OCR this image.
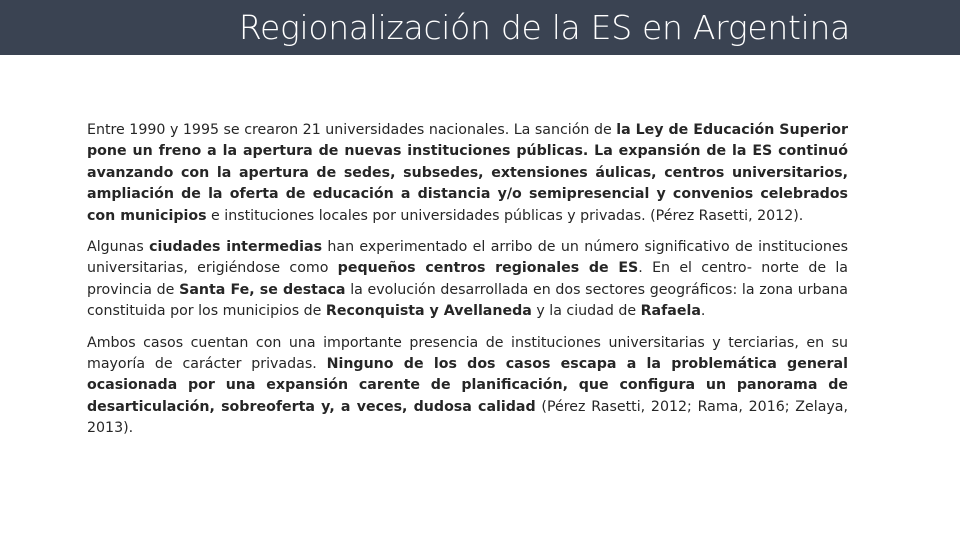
Regionalización de la ES en Argentina

Entre 1990 y 1995 se crearon 21 universidades nacionales. La sanción de la Ley de Educación Superior pone un freno a la apertura de nuevas instituciones públicas. La expansión de la ES continuó avanzando con la apertura de sedes, subsedes, extensiones áulicas, centros universitarios, ampliación de la oferta de educación a distancia y/o semipresencial y convenios celebrados con municipios e instituciones locales por universidades públicas y privadas. (Pérez Rasetti, 2012).

Algunas ciudades intermedias han experimentado el arribo de un número significativo de instituciones universitarias, erigiéndose como pequeños centros regionales de ES. En el centro- norte de la provincia de Santa Fe, se destaca la evolución desarrollada en dos sectores geográficos: la zona urbana constituida por los municipios de Reconquista y Avellaneda y la ciudad de Rafaela.

Ambos casos cuentan con una importante presencia de instituciones universitarias y terciarias, en su mayoría de carácter privadas. Ninguno de los dos casos escapa a la problemática general ocasionada por una expansión carente de planificación, que configura un panorama de desarticulación, sobreoferta y, a veces, dudosa calidad (Pérez Rasetti, 2012; Rama, 2016; Zelaya, 2013).
